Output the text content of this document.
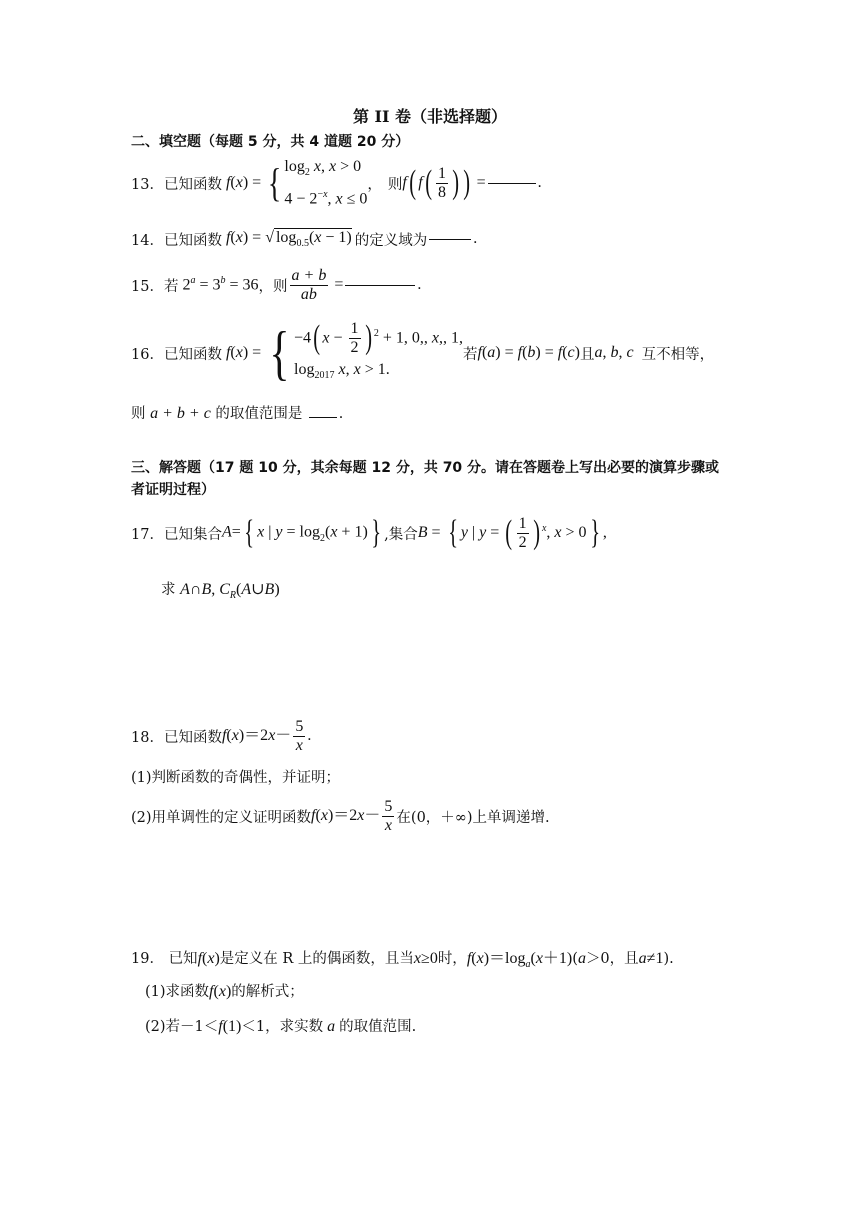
第 II 卷（非选择题）
二、填空题（每题 5 分，共 4 道题 20 分）
13． 已知函数 f(x) = { $\log_2 x$, x > 0
$4 - 2^{-x}$, x ≤ 0
， 则 f( $f( \frac{1}{8}$ ) ) =	.
14． 已知函数 f(x) = √ $\log_{0.5}(x - 1)$ 的定义域为	.
15． 若 $2^a = 3^b = 36$ ，则 $\frac{a + b}{ab}$ =	.
16． 已知函数 f(x) = { −4( $x - \frac{1}{2}$ ) $^2$ + 1, 0,, x,, 1,
$\log_{2017} x$, x > 1.
若 f(a) = f(b) = f(c) 且 a, b, c 互不相等，
则 a + b + c 的取值范围是 .
三、解答题（17 题 10 分，其余每题 12 分，共 70 分。请在答题卷上写出必要的演算步骤或
者证明过程）
17． 已知集合 A={ x | $y = \log_2(x + 1)$} ,集合 B = { y | y = ( $\frac{1}{2}$ ) $^x$, x > 0} ,
求 A∩B, $C_R(A\cup B)$
18． 已知函数 $f(x)=2x- \frac{5}{x}$ .
(1)判断函数的奇偶性，并证明；
(2)用单调性的定义证明函数 $f(x)=2x- \frac{5}{x}$ 在(0，＋∞)上单调递增.
19． 已知f(x)是定义在 R 上的偶函数，且当x≥0时，$f(x)=\log_a(x+1)(a>0$，且a≠1).
(1)求函数f(x)的解析式；
(2)若－1＜f(1)＜1，求实数 a 的取值范围.
